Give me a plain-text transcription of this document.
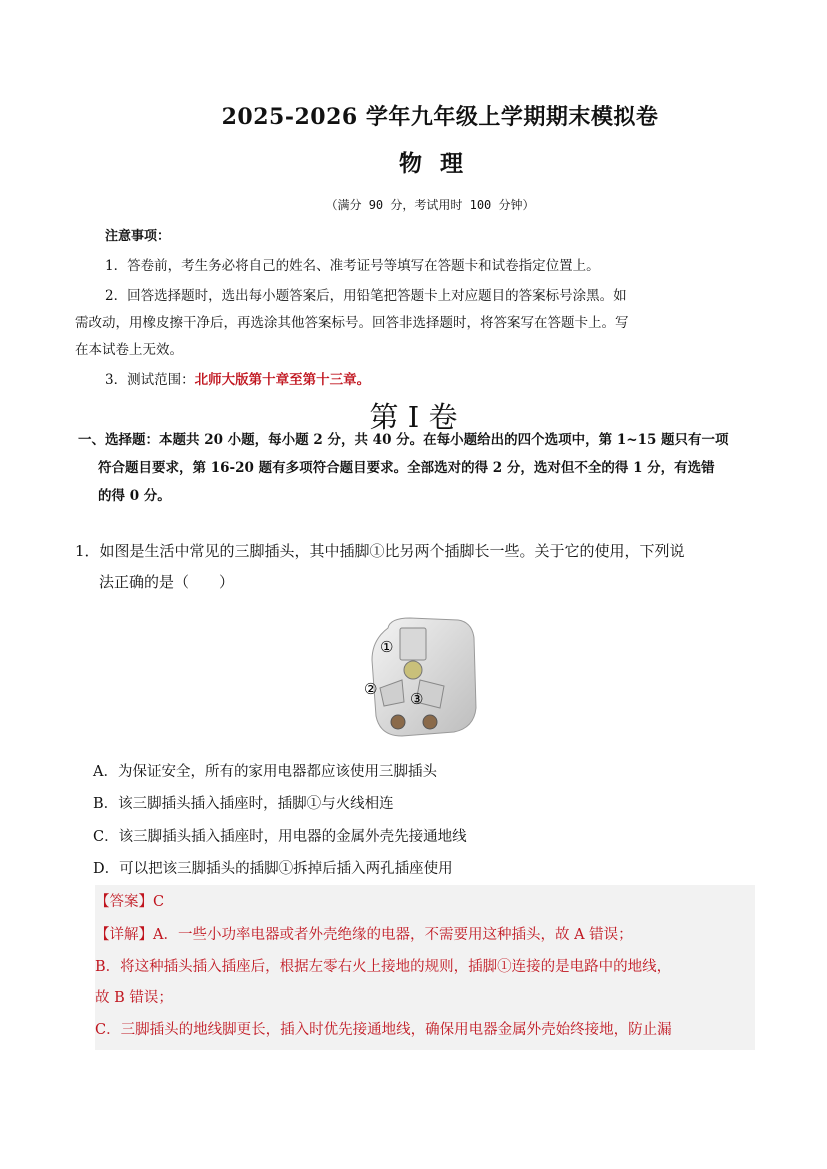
2025-2026 学年九年级上学期期末模拟卷
物理
（满分 90 分，考试用时 100 分钟）
注意事项：
1．答卷前，考生务必将自己的姓名、准考证号等填写在答题卡和试卷指定位置上。
2．回答选择题时，选出每小题答案后，用铅笔把答题卡上对应题目的答案标号涂黑。如
需改动，用橡皮擦干净后，再选涂其他答案标号。回答非选择题时，将答案写在答题卡上。写
在本试卷上无效。
3．测试范围：北师大版第十章至第十三章。
第 I 卷
一、选择题：本题共 20 小题，每小题 2 分，共 40 分。在每小题给出的四个选项中，第 1~15 题只有一项
符合题目要求，第 16-20 题有多项符合题目要求。全部选对的得 2 分，选对但不全的得 1 分，有选错
的得 0 分。
1．如图是生活中常见的三脚插头，其中插脚①比另两个插脚长一些。关于它的使用，下列说
法正确的是（　　）
①
②
③
A．为保证安全，所有的家用电器都应该使用三脚插头
B．该三脚插头插入插座时，插脚①与火线相连
C．该三脚插头插入插座时，用电器的金属外壳先接通地线
D．可以把该三脚插头的插脚①拆掉后插入两孔插座使用
【答案】C
【详解】A．一些小功率电器或者外壳绝缘的电器，不需要用这种插头，故 A 错误；
B．将这种插头插入插座后，根据左零右火上接地的规则，插脚①连接的是电路中的地线，
故 B 错误；
C．三脚插头的地线脚更长，插入时优先接通地线，确保用电器金属外壳始终接地，防止漏
